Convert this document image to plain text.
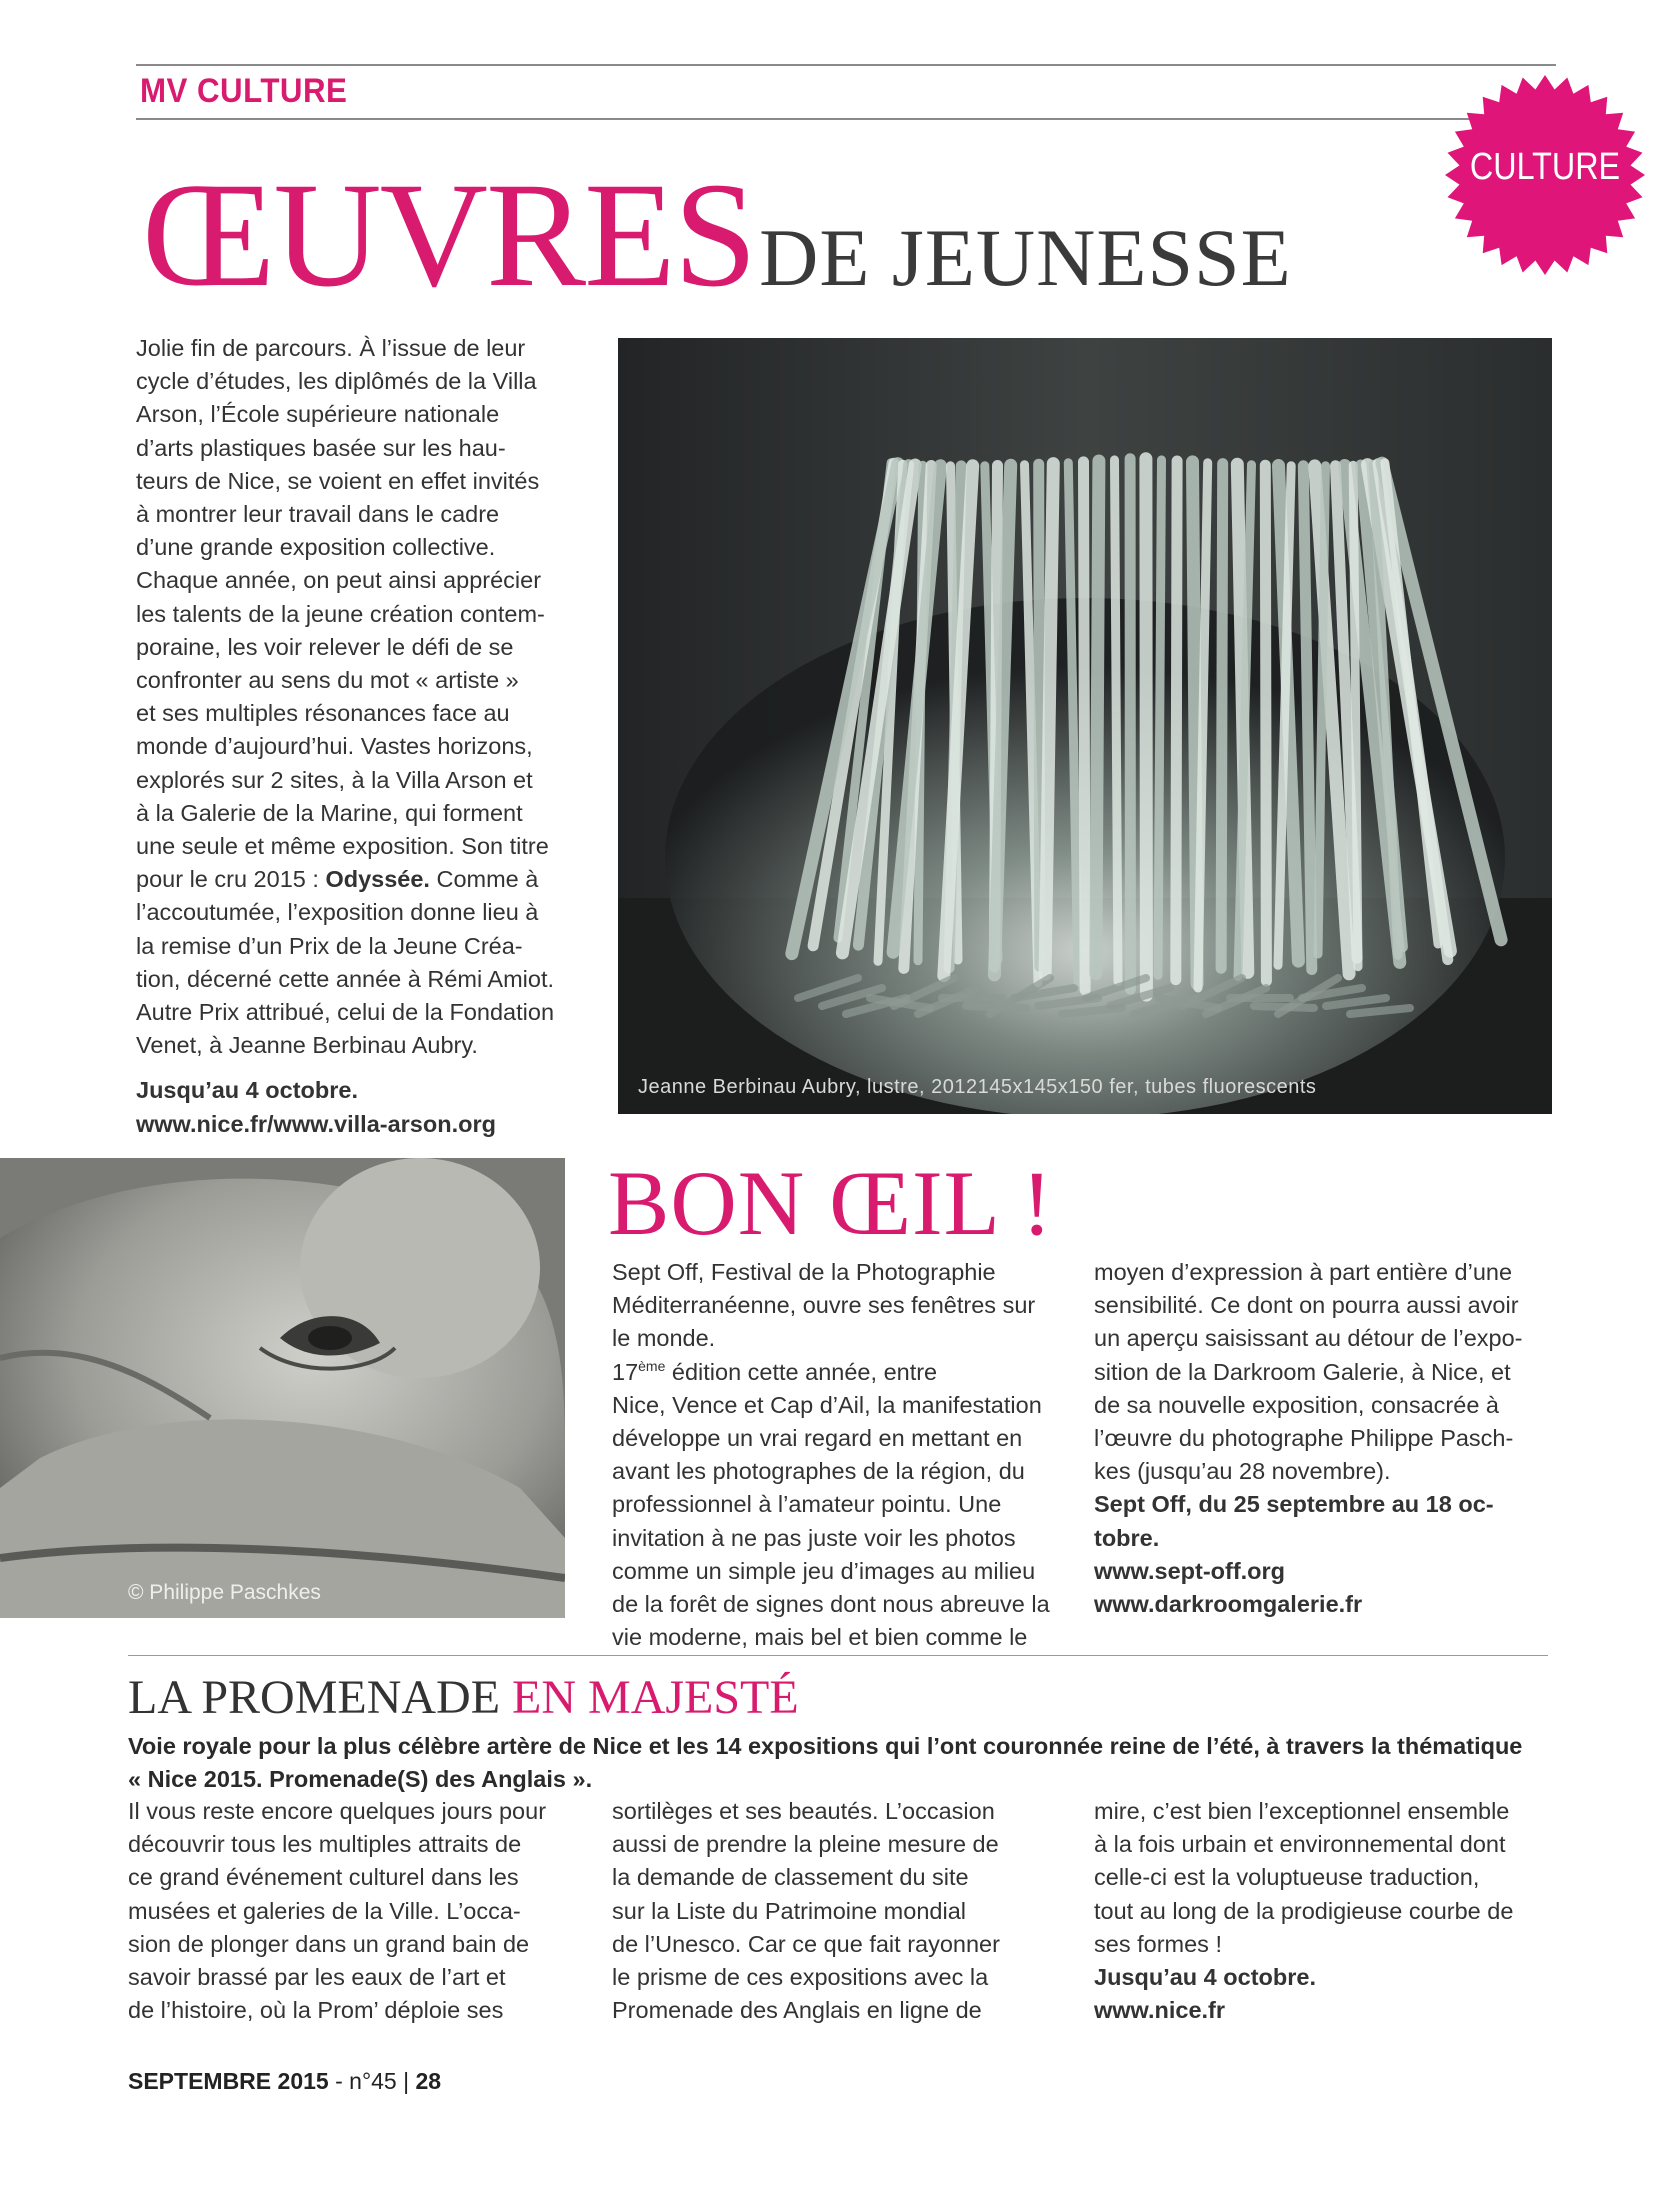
MV CULTURE
CULTURE
ŒUVRES DE JEUNESSE
Jolie fin de parcours. À l’issue de leur
cycle d’études, les diplômés de la Villa
Arson, l’École supérieure nationale
d’arts plastiques basée sur les hau-
teurs de Nice, se voient en effet invités
à montrer leur travail dans le cadre
d’une grande exposition collective.
Chaque année, on peut ainsi apprécier
les talents de la jeune création contem-
poraine, les voir relever le défi de se
confronter au sens du mot « artiste »
et ses multiples résonances face au
monde d’aujourd’hui. Vastes horizons,
explorés sur 2 sites, à la Villa Arson et
à la Galerie de la Marine, qui forment
une seule et même exposition. Son titre
pour le cru 2015 : Odyssée. Comme à
l’accoutumée, l’exposition donne lieu à
la remise d’un Prix de la Jeune Créa-
tion, décerné cette année à Rémi Amiot.
Autre Prix attribué, celui de la Fondation
Venet, à Jeanne Berbinau Aubry.
Jusqu’au 4 octobre.
www.nice.fr/www.villa-arson.org
Jeanne Berbinau Aubry, lustre, 2012145x145x150 fer, tubes fluorescents
© Philippe Paschkes
BON ŒIL !
Sept Off, Festival de la Photographie
Méditerranéenne, ouvre ses fenêtres sur
le monde.
17ème édition cette année, entre
Nice, Vence et Cap d’Ail, la manifestation
développe un vrai regard en mettant en
avant les photographes de la région, du
professionnel à l’amateur pointu. Une
invitation à ne pas juste voir les photos
comme un simple jeu d’images au milieu
de la forêt de signes dont nous abreuve la
vie moderne, mais bel et bien comme le
moyen d’expression à part entière d’une
sensibilité. Ce dont on pourra aussi avoir
un aperçu saisissant au détour de l’expo-
sition de la Darkroom Galerie, à Nice, et
de sa nouvelle exposition, consacrée à
l’œuvre du photographe Philippe Pasch-
kes (jusqu’au 28 novembre).
Sept Off, du 25 septembre au 18 oc-
tobre.
www.sept-off.org
www.darkroomgalerie.fr
LA PROMENADE EN MAJESTÉ
Voie royale pour la plus célèbre artère de Nice et les 14 expositions qui l’ont couronnée reine de l’été, à travers la thématique
« Nice 2015. Promenade(S) des Anglais ».
Il vous reste encore quelques jours pour
découvrir tous les multiples attraits de
ce grand événement culturel dans les
musées et galeries de la Ville. L’occa-
sion de plonger dans un grand bain de
savoir brassé par les eaux de l’art et
de l’histoire, où la Prom’ déploie ses
sortilèges et ses beautés. L’occasion
aussi de prendre la pleine mesure de
la demande de classement du site
sur la Liste du Patrimoine mondial
de l’Unesco. Car ce que fait rayonner
le prisme de ces expositions avec la
Promenade des Anglais en ligne de
mire, c’est bien l’exceptionnel ensemble
à la fois urbain et environnemental dont
celle-ci est la voluptueuse traduction,
tout au long de la prodigieuse courbe de
ses formes !
Jusqu’au 4 octobre.
www.nice.fr
SEPTEMBRE 2015 - n°45 | 28
